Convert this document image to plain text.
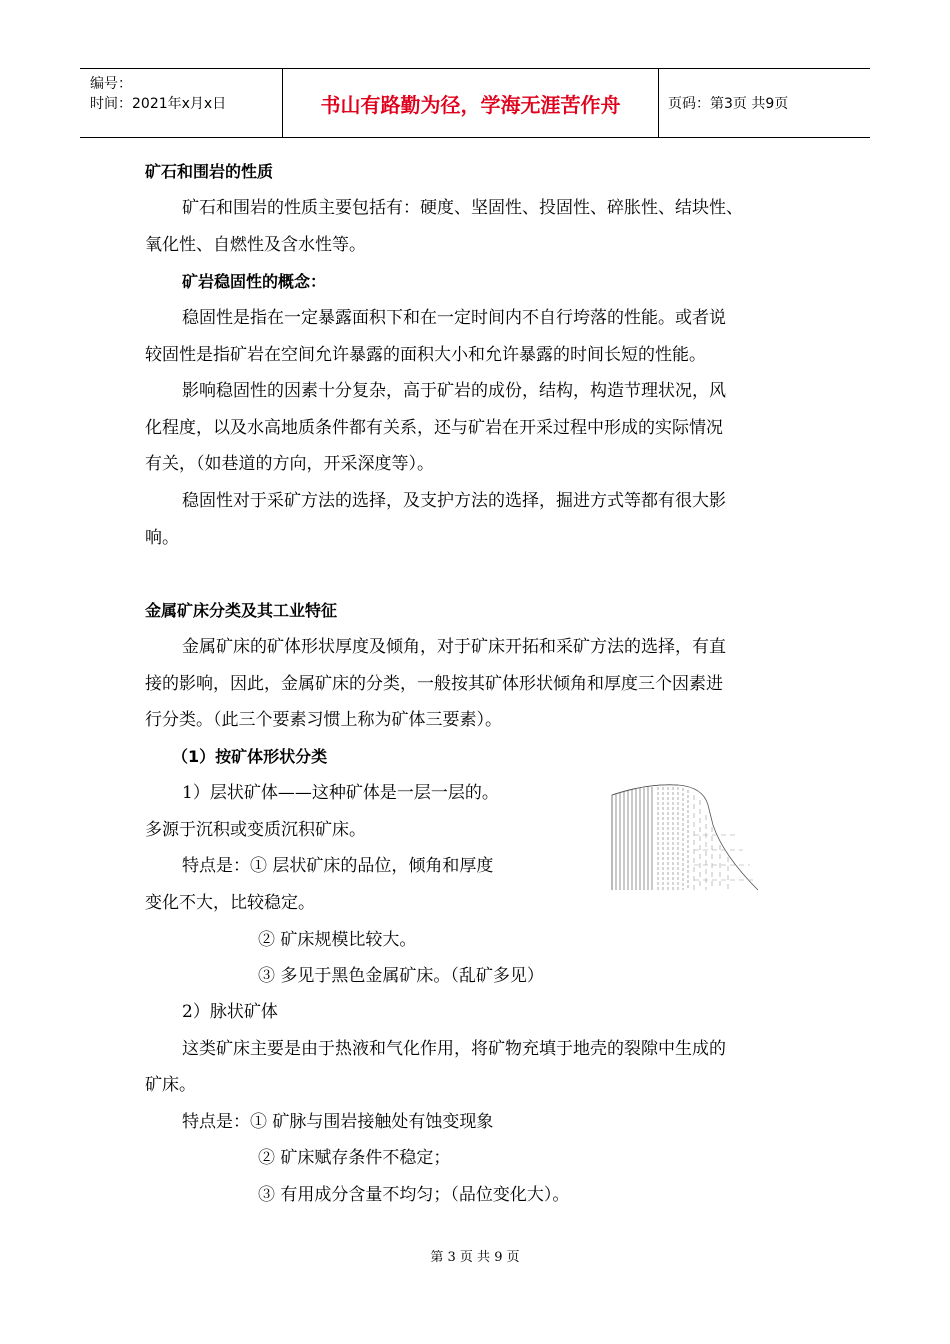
编号：
时间：2021年x月x日	书山有路勤为径，学海无涯苦作舟	页码：第3页 共9页
矿石和围岩的性质
矿石和围岩的性质主要包括有：硬度、坚固性、投固性、碎胀性、结块性、
氧化性、自燃性及含水性等。
矿岩稳固性的概念：
稳固性是指在一定暴露面积下和在一定时间内不自行垮落的性能。或者说
较固性是指矿岩在空间允许暴露的面积大小和允许暴露的时间长短的性能。
影响稳固性的因素十分复杂，高于矿岩的成份，结构，构造节理状况，风
化程度，以及水高地质条件都有关系，还与矿岩在开采过程中形成的实际情况
有关，（如巷道的方向，开采深度等）。
稳固性对于采矿方法的选择，及支护方法的选择，掘进方式等都有很大影
响。
金属矿床分类及其工业特征
金属矿床的矿体形状厚度及倾角，对于矿床开拓和采矿方法的选择，有直
接的影响，因此，金属矿床的分类，一般按其矿体形状倾角和厚度三个因素进
行分类。（此三个要素习惯上称为矿体三要素）。
（1）按矿体形状分类
1）层状矿体——这种矿体是一层一层的。
多源于沉积或变质沉积矿床。
特点是：① 层状矿床的品位，倾角和厚度
变化不大，比较稳定。
② 矿床规模比较大。
③ 多见于黑色金属矿床。（乱矿多见）
2）脉状矿体
这类矿床主要是由于热液和气化作用，将矿物充填于地壳的裂隙中生成的
矿床。
特点是：① 矿脉与围岩接触处有蚀变现象
② 矿床赋存条件不稳定；
③ 有用成分含量不均匀；（品位变化大）。
第 3 页 共 9 页
